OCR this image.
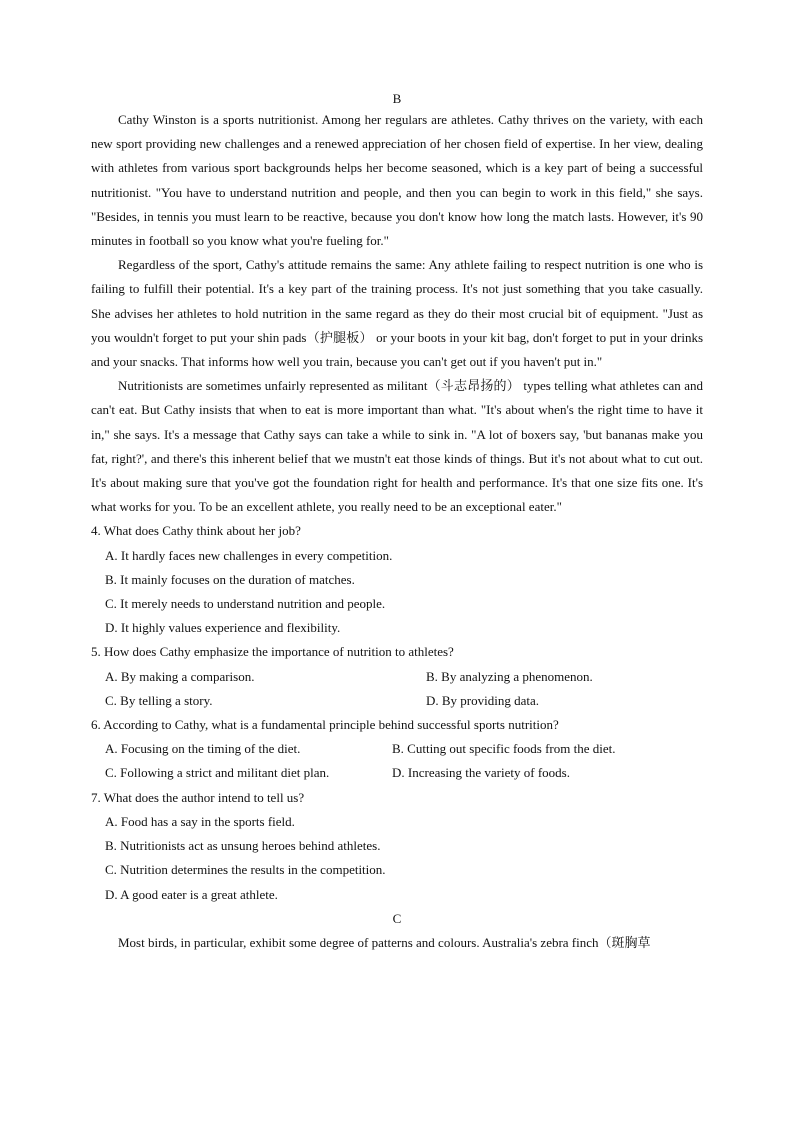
B

Cathy Winston is a sports nutritionist. Among her regulars are athletes. Cathy thrives on the variety, with each new sport providing new challenges and a renewed appreciation of her chosen field of expertise. In her view, dealing with athletes from various sport backgrounds helps her become seasoned, which is a key part of being a successful nutritionist. "You have to understand nutrition and people, and then you can begin to work in this field," she says. "Besides, in tennis you must learn to be reactive, because you don't know how long the match lasts. However, it's 90 minutes in football so you know what you're fueling for."

Regardless of the sport, Cathy's attitude remains the same: Any athlete failing to respect nutrition is one who is failing to fulfill their potential. It's a key part of the training process. It's not just something that you take casually. She advises her athletes to hold nutrition in the same regard as they do their most crucial bit of equipment. "Just as you wouldn't forget to put your shin pads（护腿板） or your boots in your kit bag, don't forget to put in your drinks and your snacks. That informs how well you train, because you can't get out if you haven't put in."

Nutritionists are sometimes unfairly represented as militant（斗志昂扬的） types telling what athletes can and can't eat. But Cathy insists that when to eat is more important than what. "It's about when's the right time to have it in," she says. It's a message that Cathy says can take a while to sink in. "A lot of boxers say, 'but bananas make you fat, right?', and there's this inherent belief that we mustn't eat those kinds of things. But it's not about what to cut out. It's about making sure that you've got the foundation right for health and performance. It's that one size fits one. It's what works for you. To be an excellent athlete, you really need to be an exceptional eater."

4. What does Cathy think about her job?

A. It hardly faces new challenges in every competition.

B. It mainly focuses on the duration of matches.

C. It merely needs to understand nutrition and people.

D. It highly values experience and flexibility.

5. How does Cathy emphasize the importance of nutrition to athletes?

A. By making a comparison.	B. By analyzing a phenomenon.
C. By telling a story.	D. By providing data.

6. According to Cathy, what is a fundamental principle behind successful sports nutrition?

A. Focusing on the timing of the diet.	B. Cutting out specific foods from the diet.
C. Following a strict and militant diet plan.	D. Increasing the variety of foods.

7. What does the author intend to tell us?

A. Food has a say in the sports field.

B. Nutritionists act as unsung heroes behind athletes.

C. Nutrition determines the results in the competition.

D. A good eater is a great athlete.

C

Most birds, in particular, exhibit some degree of patterns and colours. Australia's zebra finch（斑胸草
